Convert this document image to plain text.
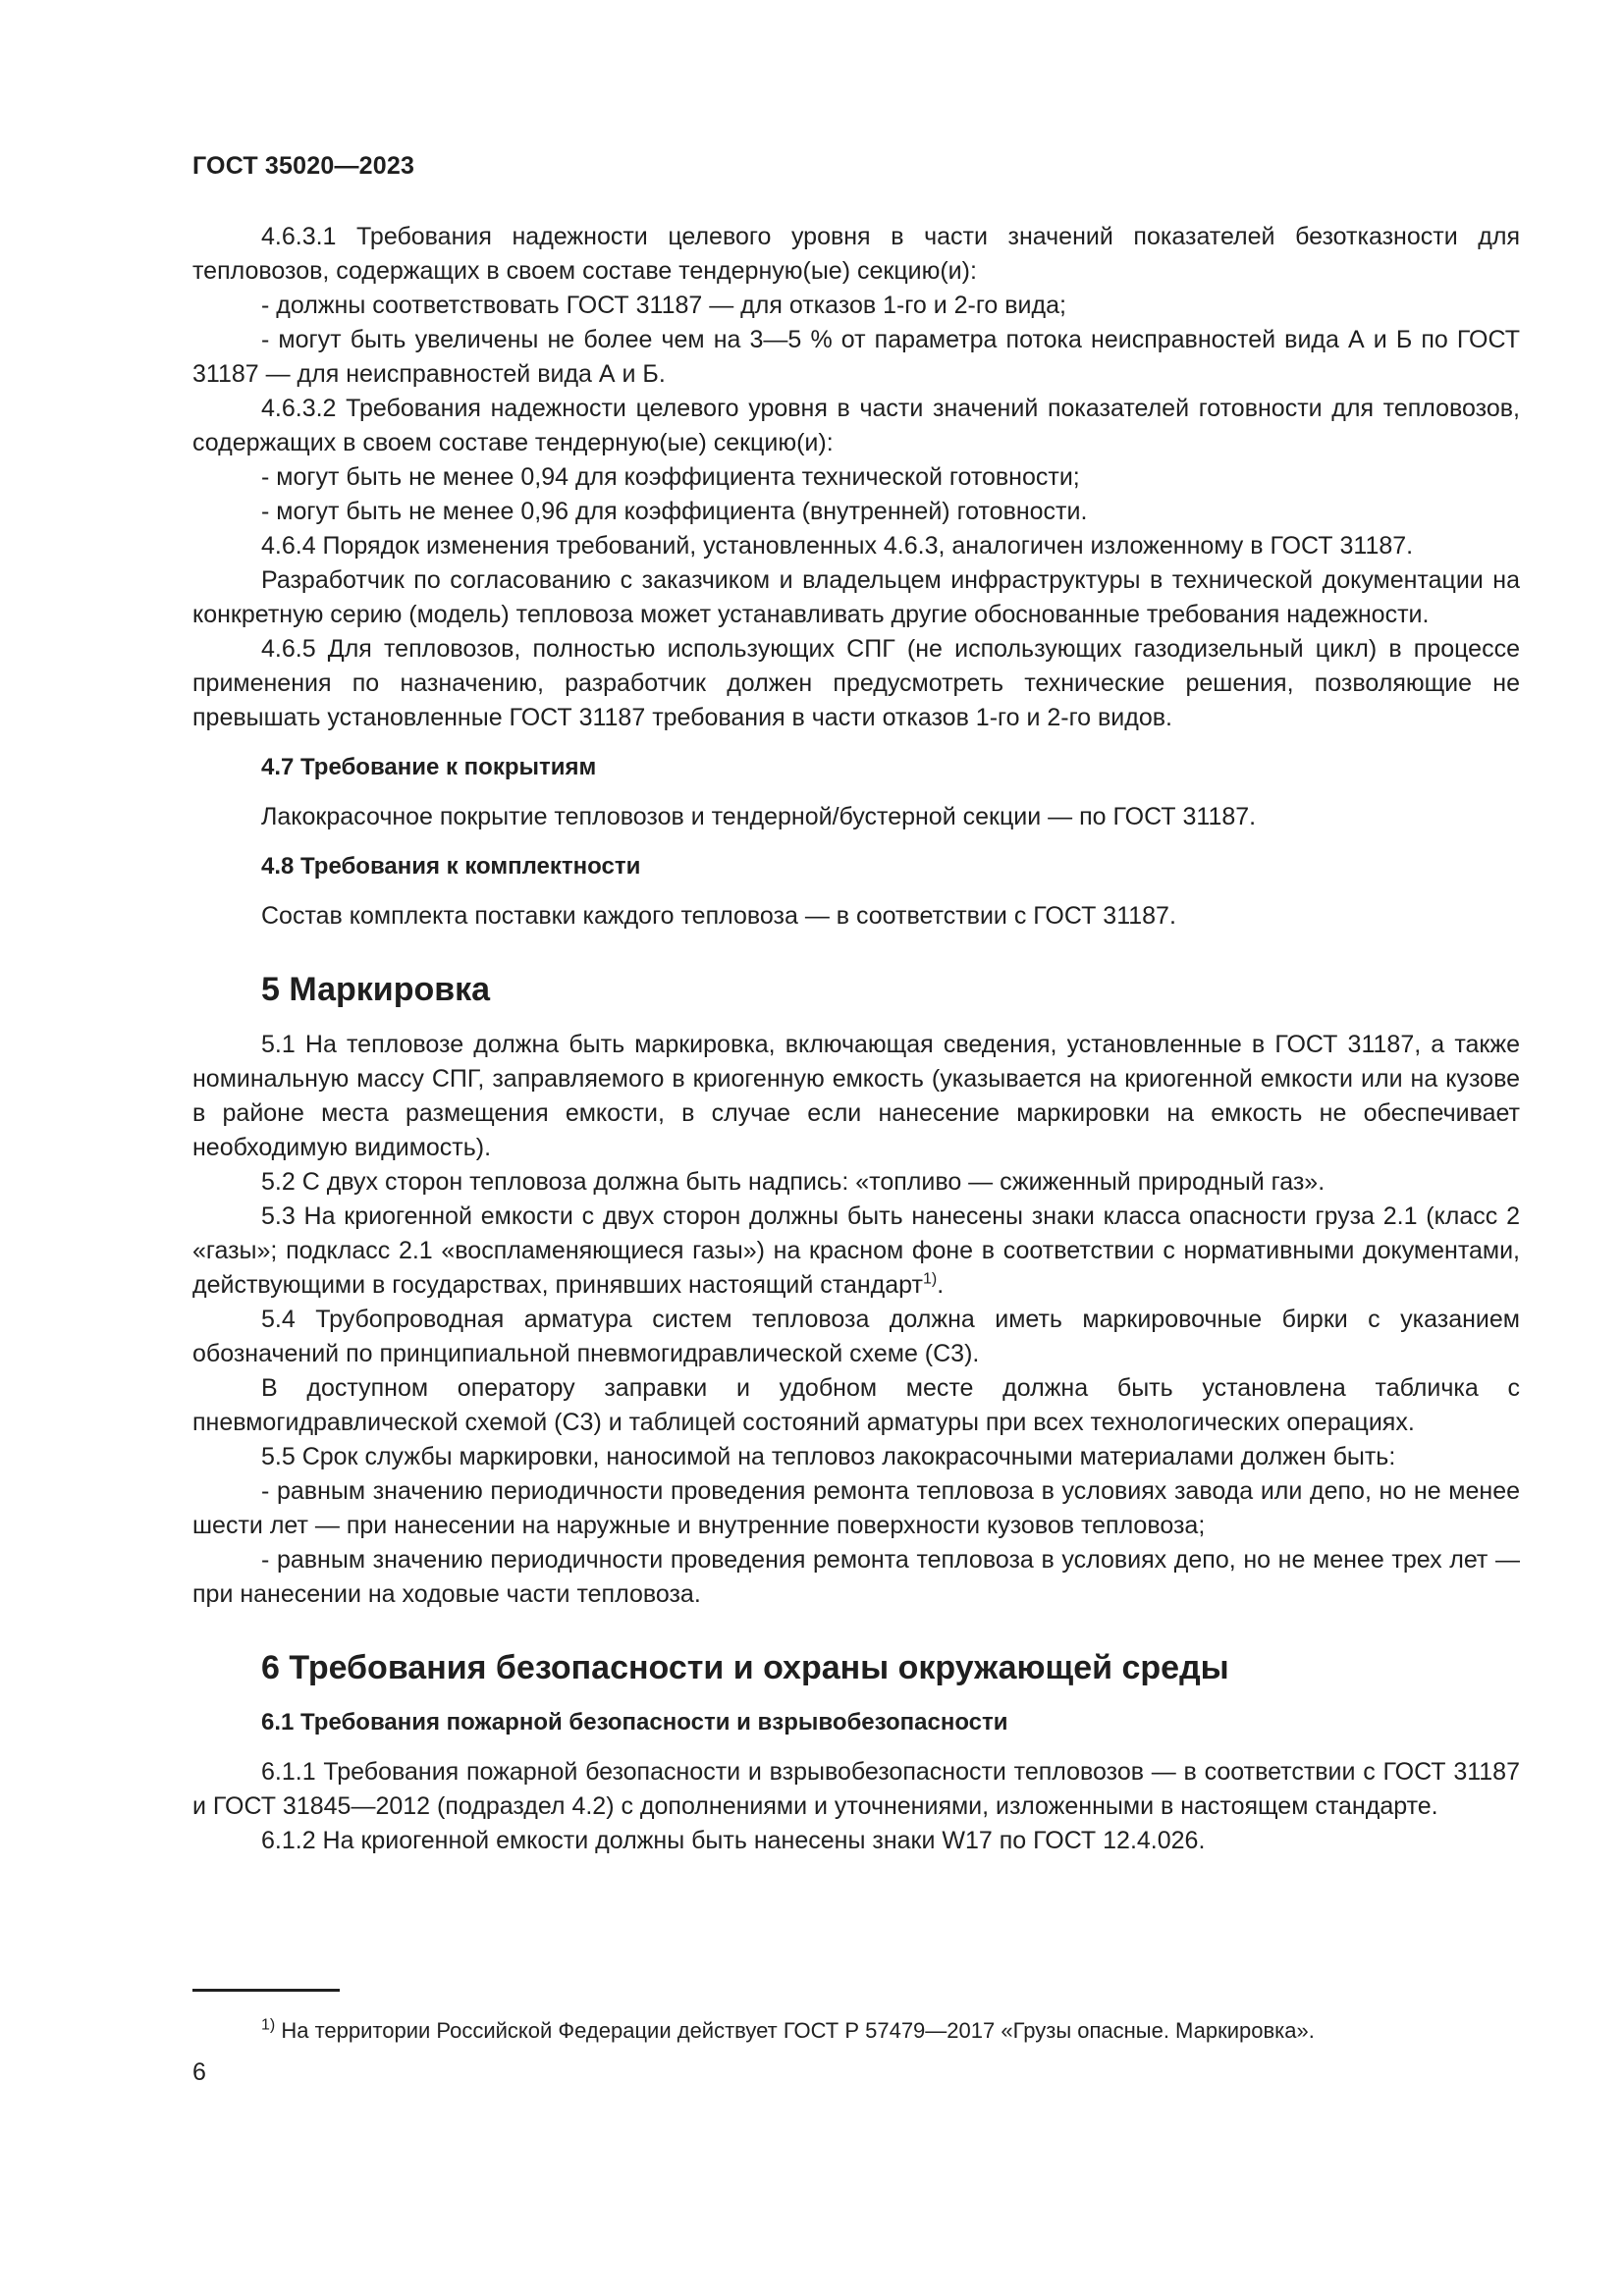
ГОСТ 35020—2023

4.6.3.1 Требования надежности целевого уровня в части значений показателей безотказности для тепловозов, содержащих в своем составе тендерную(ые) секцию(и):

- должны соответствовать ГОСТ 31187 — для отказов 1-го и 2-го вида;

- могут быть увеличены не более чем на 3—5 % от параметра потока неисправностей вида А и Б по ГОСТ 31187 — для неисправностей вида А и Б.

4.6.3.2 Требования надежности целевого уровня в части значений показателей готовности для тепловозов, содержащих в своем составе тендерную(ые) секцию(и):

- могут быть не менее 0,94 для коэффициента технической готовности;

- могут быть не менее 0,96 для коэффициента (внутренней) готовности.

4.6.4 Порядок изменения требований, установленных 4.6.3, аналогичен изложенному в ГОСТ 31187.

Разработчик по согласованию с заказчиком и владельцем инфраструктуры в технической документации на конкретную серию (модель) тепловоза может устанавливать другие обоснованные требования надежности.

4.6.5 Для тепловозов, полностью использующих СПГ (не использующих газодизельный цикл) в процессе применения по назначению, разработчик должен предусмотреть технические решения, позволяющие не превышать установленные ГОСТ 31187 требования в части отказов 1-го и 2-го видов.

4.7 Требование к покрытиям

Лакокрасочное покрытие тепловозов и тендерной/бустерной секции — по ГОСТ 31187.

4.8 Требования к комплектности

Состав комплекта поставки каждого тепловоза — в соответствии с ГОСТ 31187.

5 Маркировка

5.1 На тепловозе должна быть маркировка, включающая сведения, установленные в ГОСТ 31187, а также номинальную массу СПГ, заправляемого в криогенную емкость (указывается на криогенной емкости или на кузове в районе места размещения емкости, в случае если нанесение маркировки на емкость не обеспечивает необходимую видимость).

5.2 С двух сторон тепловоза должна быть надпись: «топливо — сжиженный природный газ».

5.3 На криогенной емкости с двух сторон должны быть нанесены знаки класса опасности груза 2.1 (класс 2 «газы»; подкласс 2.1 «воспламеняющиеся газы») на красном фоне в соответствии с нормативными документами, действующими в государствах, принявших настоящий стандарт$^{1)}$.

5.4 Трубопроводная арматура систем тепловоза должна иметь маркировочные бирки с указанием обозначений по принципиальной пневмогидравлической схеме (С3).

В доступном оператору заправки и удобном месте должна быть установлена табличка с пневмогидравлической схемой (С3) и таблицей состояний арматуры при всех технологических операциях.

5.5 Срок службы маркировки, наносимой на тепловоз лакокрасочными материалами должен быть:

- равным значению периодичности проведения ремонта тепловоза в условиях завода или депо, но не менее шести лет — при нанесении на наружные и внутренние поверхности кузовов тепловоза;

- равным значению периодичности проведения ремонта тепловоза в условиях депо, но не менее трех лет — при нанесении на ходовые части тепловоза.

6 Требования безопасности и охраны окружающей среды

6.1 Требования пожарной безопасности и взрывобезопасности

6.1.1 Требования пожарной безопасности и взрывобезопасности тепловозов — в соответствии с ГОСТ 31187 и ГОСТ 31845—2012 (подраздел 4.2) с дополнениями и уточнениями, изложенными в настоящем стандарте.

6.1.2 На криогенной емкости должны быть нанесены знаки W17 по ГОСТ 12.4.026.

$^{1)}$ На территории Российской Федерации действует ГОСТ Р 57479—2017 «Грузы опасные. Маркировка».
6
